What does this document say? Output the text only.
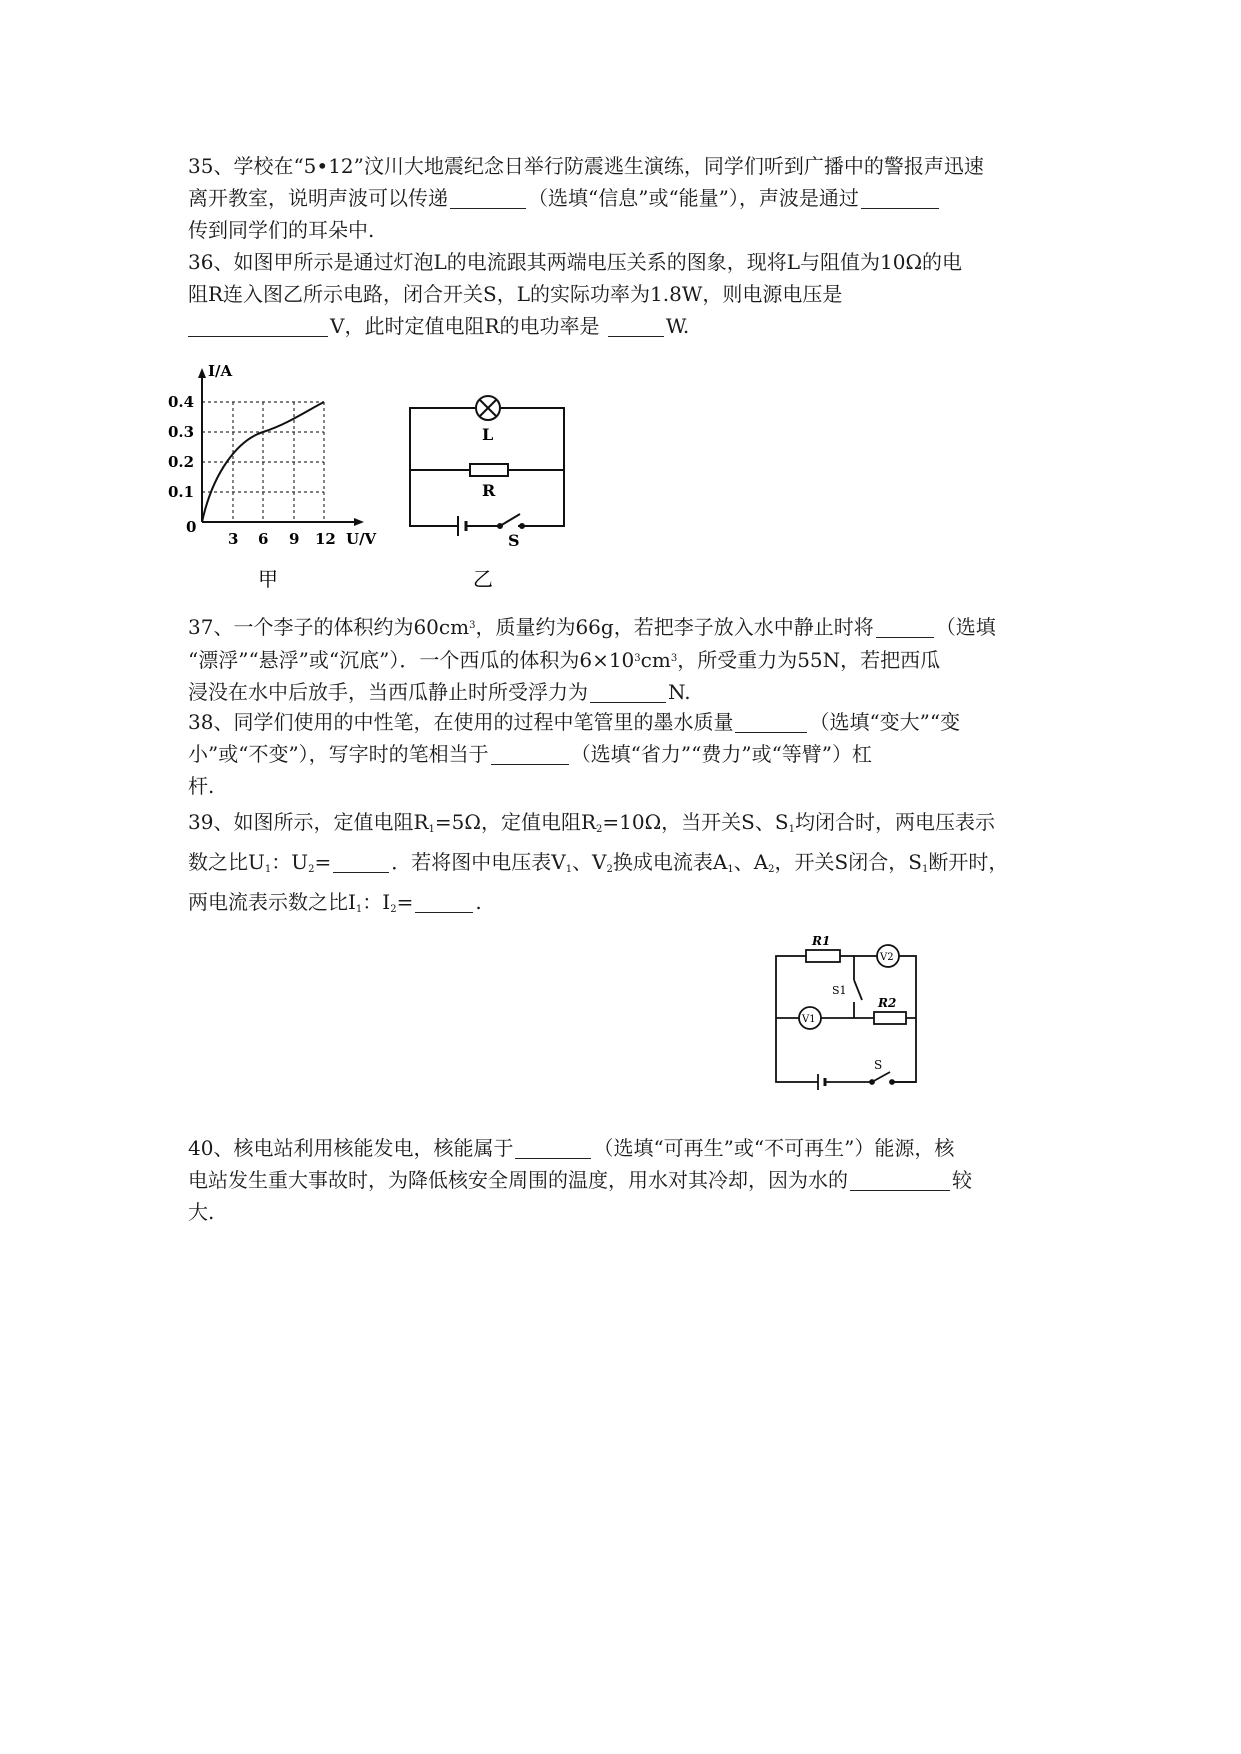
35、学校在“5•12”汶川大地震纪念日举行防震逃生演练，同学们听到广播中的警报声迅速
离开教室，说明声波可以传递	（选填“信息”或“能量”），声波是通过
传到同学们的耳朵中.
36、如图甲所示是通过灯泡L的电流跟其两端电压关系的图象，现将L与阻值为10Ω的电
阻R连入图乙所示电路，闭合开关S，L的实际功率为1.8W，则电源电压是
V，此时定值电阻R的电功率是	W.
I/A
U/V
0
0.4
0.3
0.2
0.1
3 6 9 12
甲
L
R
S
乙
37、一个李子的体积约为$60cm^3$，质量约为66g，若把李子放入水中静止时将	（选填
“漂浮”“悬浮”或“沉底”）．一个西瓜的体积为$6\times 10^3cm^3$，所受重力为55N，若把西瓜
浸没在水中后放手，当西瓜静止时所受浮力为	N.
38、同学们使用的中性笔，在使用的过程中笔管里的墨水质量	（选填“变大”“变
小”或“不变”），写字时的笔相当于	（选填“省力”“费力”或“等臂”）杠
杆.
39、如图所示，定值电阻$R_1=5\Omega$，定值电阻$R_2=10\Omega$，当开关S、$S_1$均闭合时，两电压表示
数之比$U_1$：$U_2=$	．若将图中电压表$V_1$、$V_2$换成电流表$A_1$、$A_2$，开关S闭合，$S_1$断开时，
两电流表示数之比$I_1$：$I_2=$	.
R1
V2
S1
V1
R2
S
40、核电站利用核能发电，核能属于	（选填“可再生”或“不可再生”）能源，核
电站发生重大事故时，为降低核安全周围的温度，用水对其冷却，因为水的	较
大.
